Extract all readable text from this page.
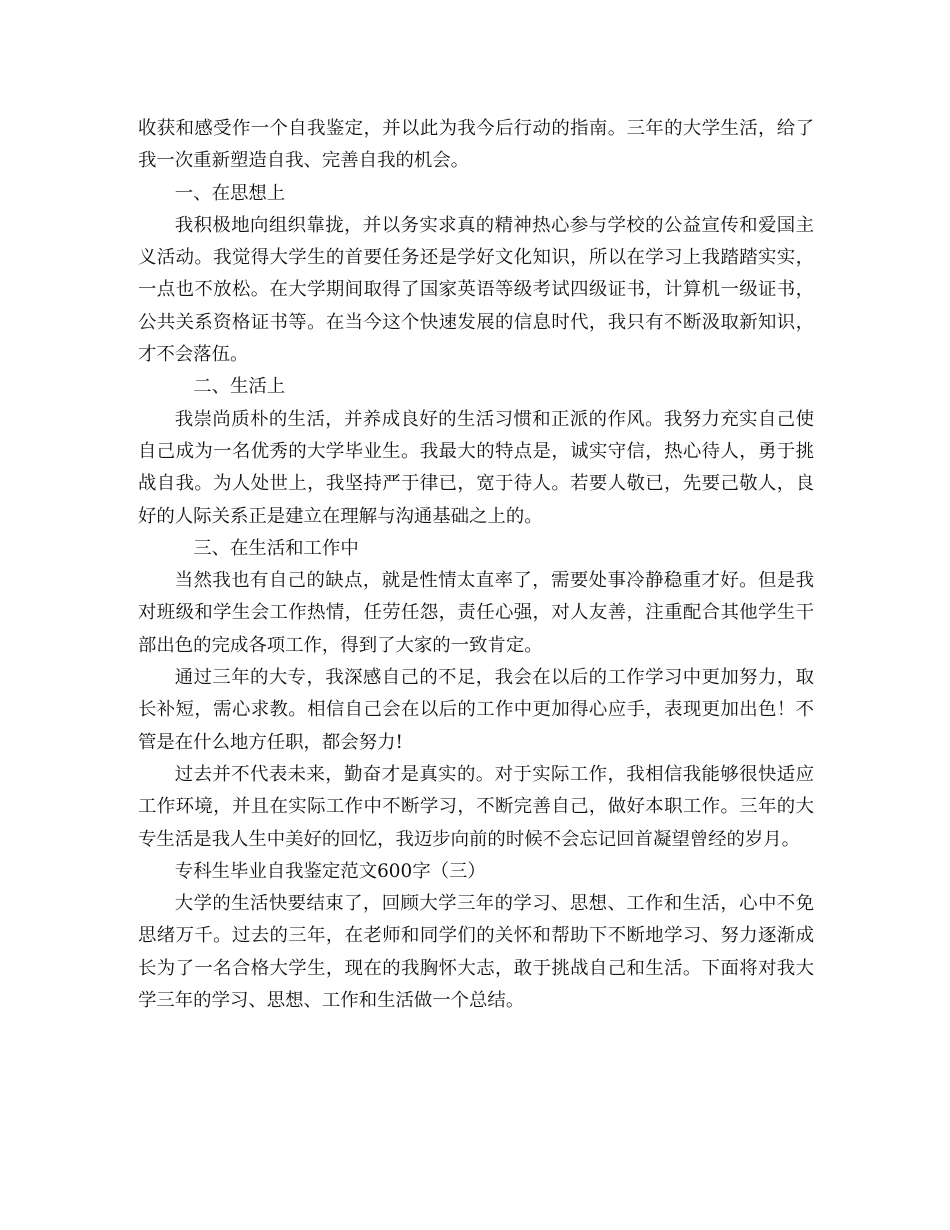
收获和感受作一个自我鉴定，并以此为我今后行动的指南。三年的大学生活，给了我一次重新塑造自我、完善自我的机会。

一、在思想上

我积极地向组织靠拢，并以务实求真的精神热心参与学校的公益宣传和爱国主义活动。我觉得大学生的首要任务还是学好文化知识，所以在学习上我踏踏实实，一点也不放松。在大学期间取得了国家英语等级考试四级证书，计算机一级证书，公共关系资格证书等。在当今这个快速发展的信息时代，我只有不断汲取新知识，才不会落伍。

二、生活上

我崇尚质朴的生活，并养成良好的生活习惯和正派的作风。我努力充实自己使自己成为一名优秀的大学毕业生。我最大的特点是，诚实守信，热心待人，勇于挑战自我。为人处世上，我坚持严于律已，宽于待人。若要人敬已，先要己敬人，良好的人际关系正是建立在理解与沟通基础之上的。

三、在生活和工作中

当然我也有自己的缺点，就是性情太直率了，需要处事冷静稳重才好。但是我对班级和学生会工作热情，任劳任怨，责任心强，对人友善，注重配合其他学生干部出色的完成各项工作，得到了大家的一致肯定。

通过三年的大专，我深感自己的不足，我会在以后的工作学习中更加努力，取长补短，需心求教。相信自己会在以后的工作中更加得心应手，表现更加出色！不管是在什么地方任职，都会努力!

过去并不代表未来，勤奋才是真实的。对于实际工作，我相信我能够很快适应工作环境，并且在实际工作中不断学习，不断完善自己，做好本职工作。三年的大专生活是我人生中美好的回忆，我迈步向前的时候不会忘记回首凝望曾经的岁月。

专科生毕业自我鉴定范文600字（三）

大学的生活快要结束了，回顾大学三年的学习、思想、工作和生活，心中不免思绪万千。过去的三年，在老师和同学们的关怀和帮助下不断地学习、努力逐渐成长为了一名合格大学生，现在的我胸怀大志，敢于挑战自己和生活。下面将对我大学三年的学习、思想、工作和生活做一个总结。
